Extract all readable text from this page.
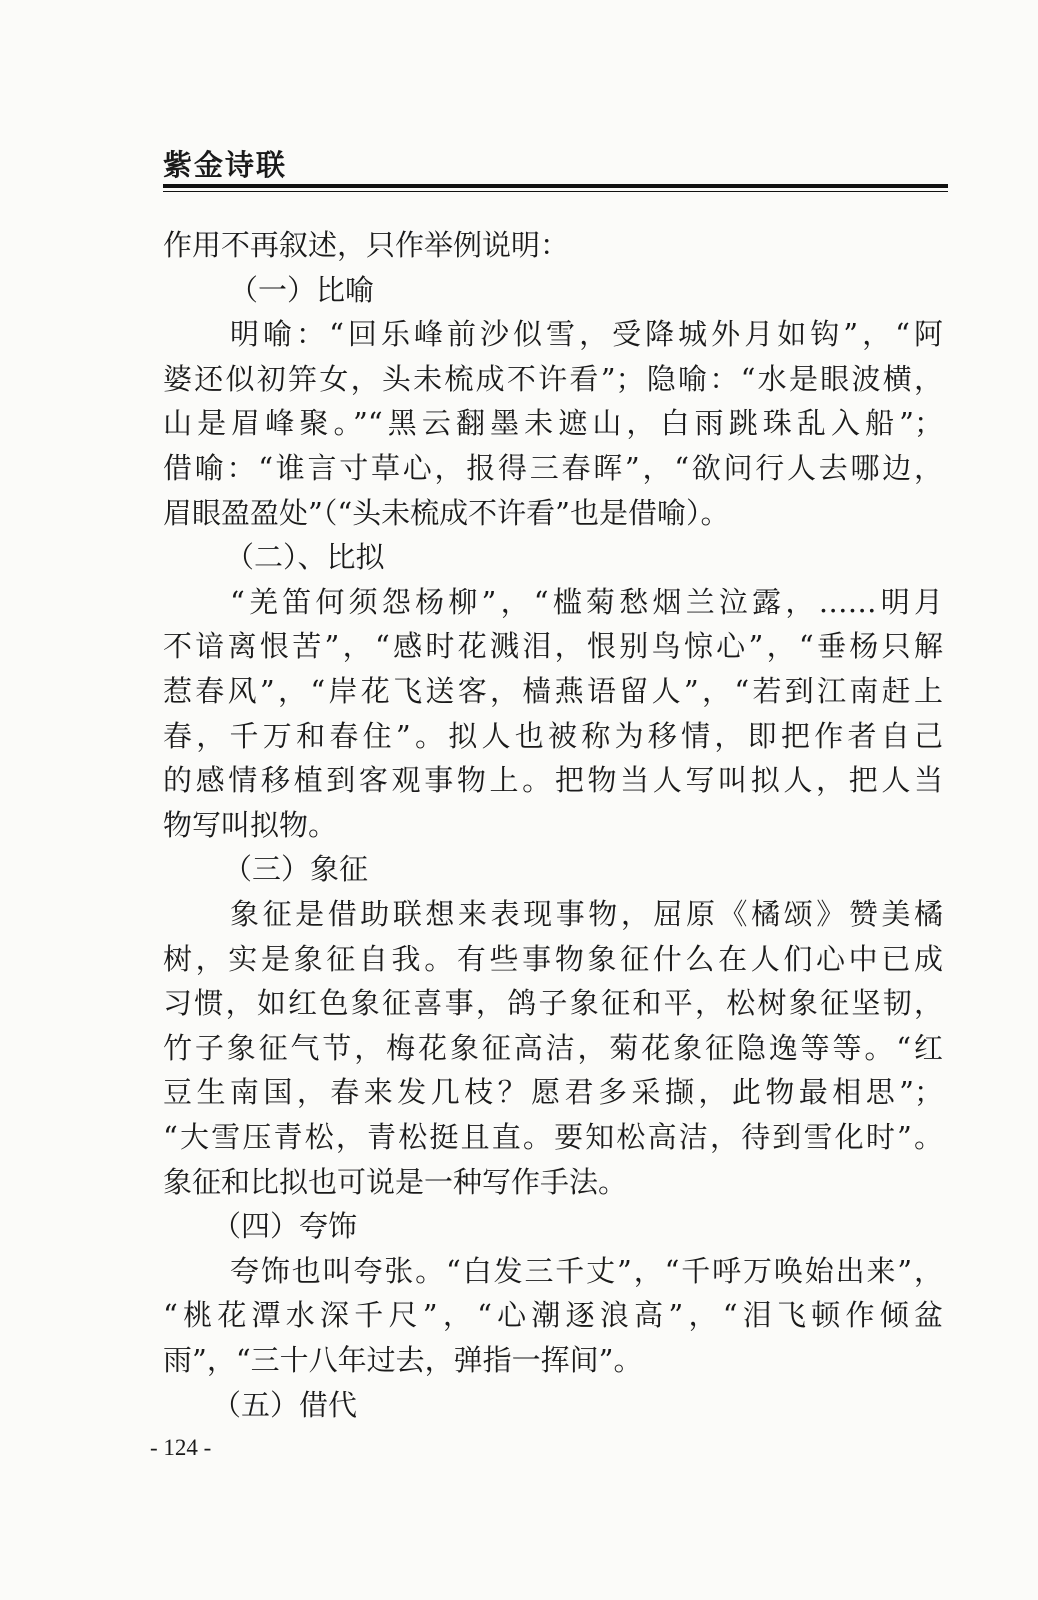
紫金诗联
作用不再叙述，只作举例说明：
（一）比喻
明喻：“回乐峰前沙似雪，受降城外月如钩”，“阿
婆还似初笄女，头未梳成不许看”；隐喻：“水是眼波横，
山是眉峰聚。”“黑云翻墨未遮山，白雨跳珠乱入船”；
借喻：“谁言寸草心，报得三春晖”，“欲问行人去哪边，
眉眼盈盈处”（“头未梳成不许看”也是借喻）。
（二）、比拟
“羌笛何须怨杨柳”，“槛菊愁烟兰泣露，……明月
不谙离恨苦”，“感时花溅泪，恨别鸟惊心”，“垂杨只解
惹春风”，“岸花飞送客，樯燕语留人”，“若到江南赶上
春，千万和春住”。拟人也被称为移情，即把作者自己
的感情移植到客观事物上。把物当人写叫拟人，把人当
物写叫拟物。
（三）象征
象征是借助联想来表现事物，屈原《橘颂》赞美橘
树，实是象征自我。有些事物象征什么在人们心中已成
习惯，如红色象征喜事，鸽子象征和平，松树象征坚韧，
竹子象征气节，梅花象征高洁，菊花象征隐逸等等。“红
豆生南国，春来发几枝？愿君多采撷，此物最相思”；
“大雪压青松，青松挺且直。要知松高洁，待到雪化时”。
象征和比拟也可说是一种写作手法。
（四）夸饰
夸饰也叫夸张。“白发三千丈”，“千呼万唤始出来”，
“桃花潭水深千尺”，“心潮逐浪高”，“泪飞顿作倾盆
雨”，“三十八年过去，弹指一挥间”。
（五）借代
- 124 -
